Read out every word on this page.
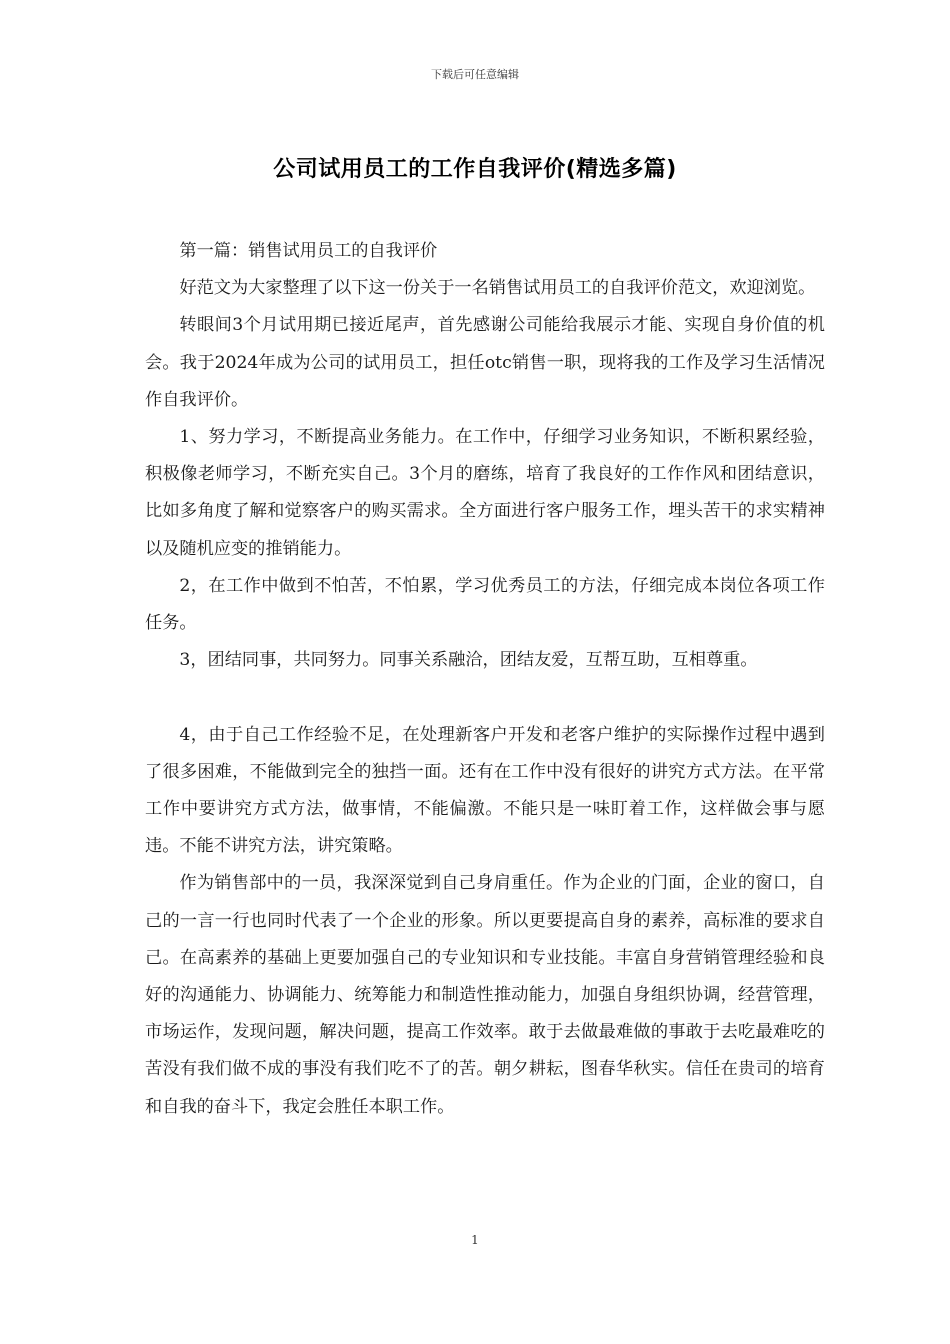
下载后可任意编辑
公司试用员工的工作自我评价(精选多篇)

第一篇：销售试用员工的自我评价

好范文为大家整理了以下这一份关于一名销售试用员工的自我评价范文，欢迎浏览。

转眼间3个月试用期已接近尾声，首先感谢公司能给我展示才能、实现自身价值的机会。我于2024年成为公司的试用员工，担任otc销售一职，现将我的工作及学习生活情况作自我评价。

1、努力学习，不断提高业务能力。在工作中，仔细学习业务知识，不断积累经验，积极像老师学习，不断充实自己。3个月的磨练，培育了我良好的工作作风和团结意识，比如多角度了解和觉察客户的购买需求。全方面进行客户服务工作，埋头苦干的求实精神以及随机应变的推销能力。

2，在工作中做到不怕苦，不怕累，学习优秀员工的方法，仔细完成本岗位各项工作任务。

3，团结同事，共同努力。同事关系融洽，团结友爱，互帮互助，互相尊重。

4，由于自己工作经验不足，在处理新客户开发和老客户维护的实际操作过程中遇到了很多困难，不能做到完全的独挡一面。还有在工作中没有很好的讲究方式方法。在平常工作中要讲究方式方法，做事情，不能偏激。不能只是一味盯着工作，这样做会事与愿违。不能不讲究方法，讲究策略。

作为销售部中的一员，我深深觉到自己身肩重任。作为企业的门面，企业的窗口，自己的一言一行也同时代表了一个企业的形象。所以更要提高自身的素养，高标准的要求自己。在高素养的基础上更要加强自己的专业知识和专业技能。丰富自身营销管理经验和良好的沟通能力、协调能力、统筹能力和制造性推动能力，加强自身组织协调，经营管理，市场运作，发现问题，解决问题，提高工作效率。敢于去做最难做的事敢于去吃最难吃的苦没有我们做不成的事没有我们吃不了的苦。朝夕耕耘，图春华秋实。信任在贵司的培育和自我的奋斗下，我定会胜任本职工作。

1
